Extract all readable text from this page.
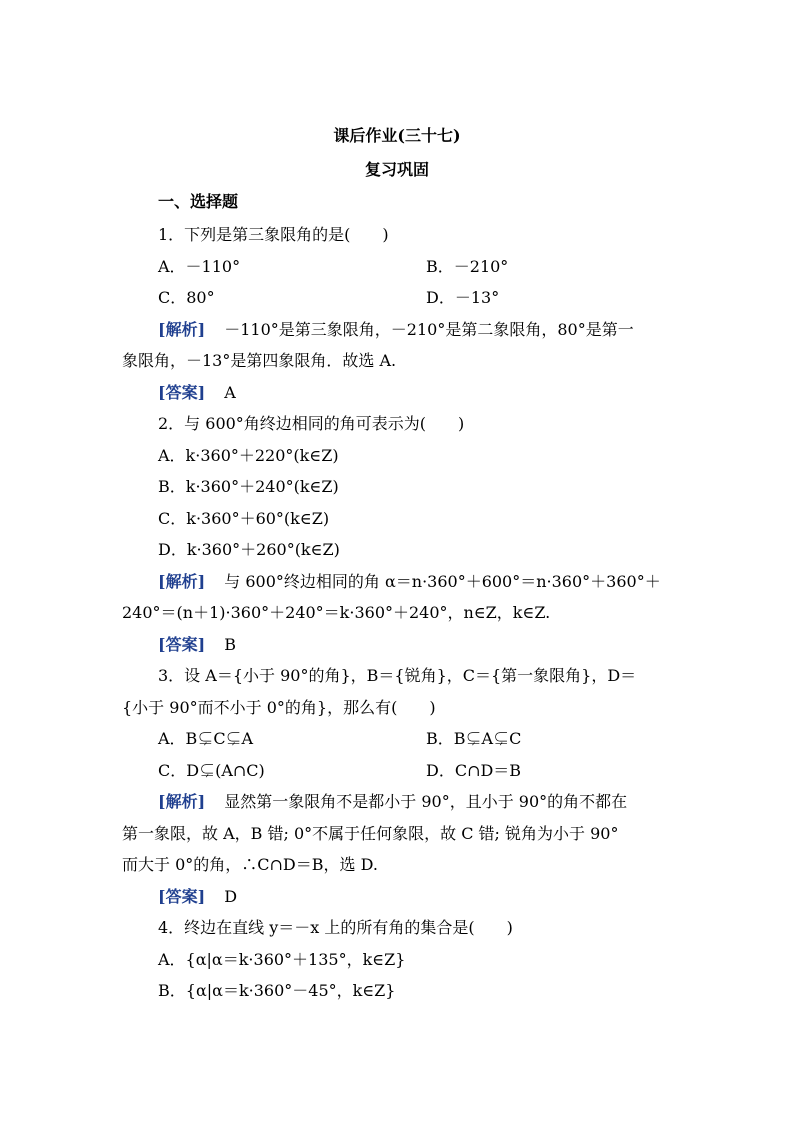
课后作业(三十七)
复习巩固
一、选择题
1．下列是第三象限角的是(　　)
A．－110°	B．－210°
C．80°	D．－13°
[解析] －110°是第三象限角，－210°是第二象限角，80°是第一
象限角，－13°是第四象限角．故选 A.
[答案] A
2．与 600°角终边相同的角可表示为(　　)
A．k·360°＋220°(k∈Z)
B．k·360°＋240°(k∈Z)
C．k·360°＋60°(k∈Z)
D．k·360°＋260°(k∈Z)
[解析] 与 600°终边相同的角 α＝n·360°＋600°＝n·360°＋360°＋
240°＝(n＋1)·360°＋240°＝k·360°＋240°，n∈Z，k∈Z.
[答案] B
3．设 A＝{小于 90°的角}，B＝{锐角}，C＝{第一象限角}，D＝
{小于 90°而不小于 0°的角}，那么有(　　)
A．B⊊C⊊A	B．B⊊A⊊C
C．D⊊(A∩C)	D．C∩D＝B
[解析] 显然第一象限角不是都小于 90°，且小于 90°的角不都在
第一象限，故 A，B 错; 0°不属于任何象限，故 C 错; 锐角为小于 90°
而大于 0°的角，∴C∩D＝B，选 D.
[答案] D
4．终边在直线 y＝－x 上的所有角的集合是(　　)
A．{α|α＝k·360°＋135°，k∈Z}
B．{α|α＝k·360°－45°，k∈Z}
